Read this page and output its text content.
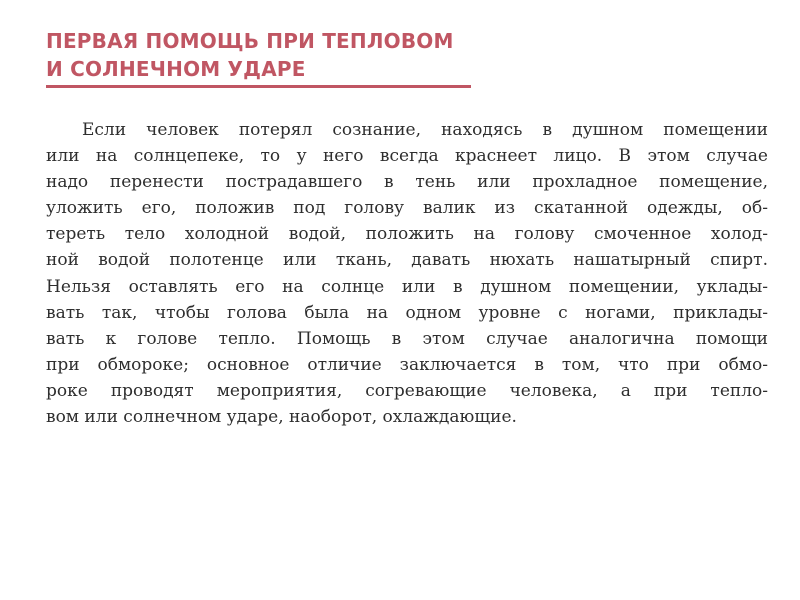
ПЕРВАЯ ПОМОЩЬ ПРИ ТЕПЛОВОМ
И СОЛНЕЧНОМ УДАРЕ
Если человек потерял сознание, находясь в душном помещении
или на солнцепеке, то у него всегда краснеет лицо. В этом случае
надо перенести пострадавшего в тень или прохладное помещение,
уложить его, положив под голову валик из скатанной одежды, об-
тереть тело холодной водой, положить на голову смоченное холод-
ной водой полотенце или ткань, давать нюхать нашатырный спирт.
Нельзя оставлять его на солнце или в душном помещении, уклады-
вать так, чтобы голова была на одном уровне с ногами, приклады-
вать к голове тепло. Помощь в этом случае аналогична помощи
при обмороке; основное отличие заключается в том, что при обмо-
роке проводят мероприятия, согревающие человека, а при тепло-
вом или солнечном ударе, наоборот, охлаждающие.
